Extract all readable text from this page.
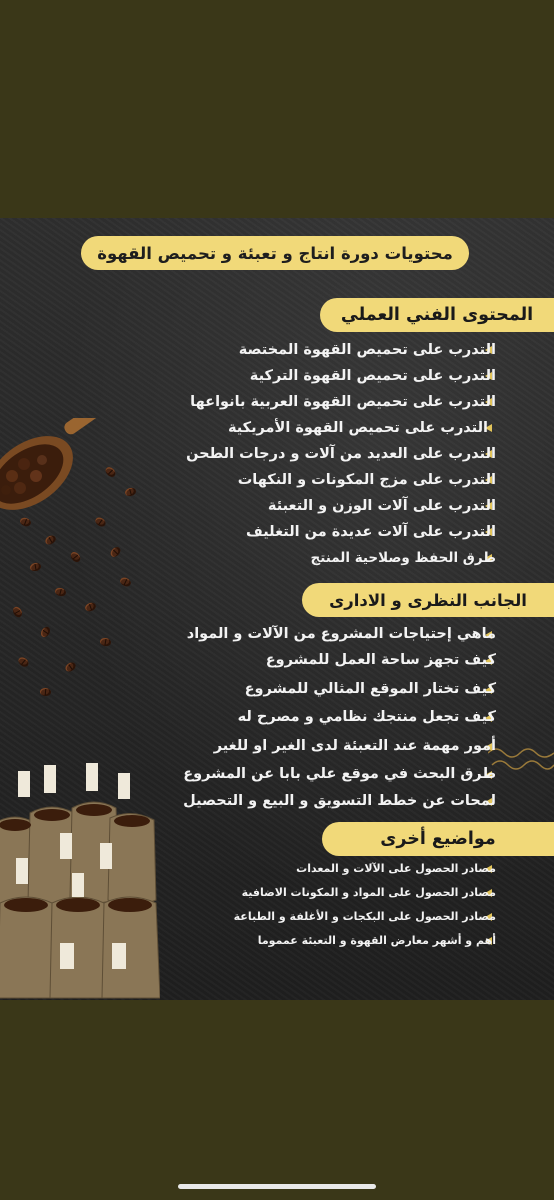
محتويات دورة انتاج و تعبئة و تحميص القهوة
المحتوى الفني العملي
التدرب على تحميص القهوة المختصة
التدرب على تحميص القهوة التركية
التدرب على تحميص القهوة العربية بانواعها
التدرب على تحميص القهوة الأمريكية
التدرب على العديد من آلات و درجات الطحن
التدرب على مزج المكونات و النكهات
التدرب على آلات الوزن و التعبئة
التدرب على آلات عديدة من التغليف
طرق الحفظ وصلاحية المنتج
الجانب النظرى و الادارى
ماهي إحتياجات المشروع من الآلات و المواد
كيف تجهز ساحة العمل للمشروع
كيف تختار الموقع المثالي للمشروع
كيف تجعل منتجك نظامي و مصرح له
أمور مهمة عند التعبئة لدى الغير او للغير
طرق البحث في موقع علي بابا عن المشروع
لمحات عن خطط التسويق و البيع و التحصيل
مواضيع أخرى
مصادر الحصول على الآلات و المعدات
مصادر الحصول على المواد و المكونات الاضافية
مصادر الحصول على البكجات و الأغلفة و الطباعة
أهم و أشهر معارض القهوة و التعبئة عمموما
